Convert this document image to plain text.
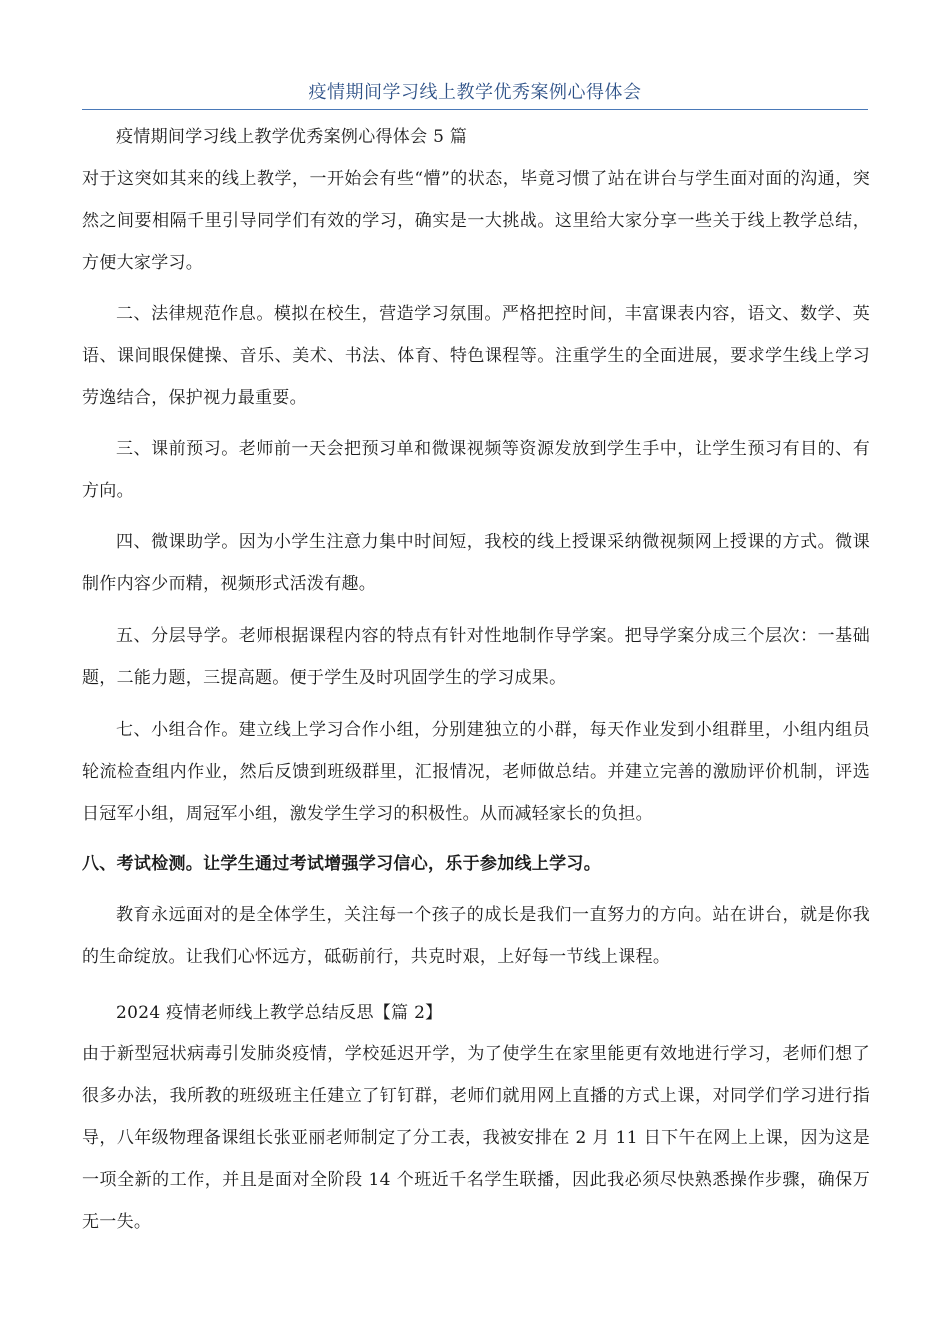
疫情期间学习线上教学优秀案例心得体会

疫情期间学习线上教学优秀案例心得体会 5 篇

对于这突如其来的线上教学，一开始会有些“懵”的状态，毕竟习惯了站在讲台与学生面对面的沟通，突然之间要相隔千里引导同学们有效的学习，确实是一大挑战。这里给大家分享一些关于线上教学总结，方便大家学习。

二、法律规范作息。模拟在校生，营造学习氛围。严格把控时间，丰富课表内容，语文、数学、英语、课间眼保健操、音乐、美术、书法、体育、特色课程等。注重学生的全面进展，要求学生线上学习劳逸结合，保护视力最重要。

三、课前预习。老师前一天会把预习单和微课视频等资源发放到学生手中，让学生预习有目的、有方向。

四、微课助学。因为小学生注意力集中时间短，我校的线上授课采纳微视频网上授课的方式。微课制作内容少而精，视频形式活泼有趣。

五、分层导学。老师根据课程内容的特点有针对性地制作导学案。把导学案分成三个层次：一基础题，二能力题，三提高题。便于学生及时巩固学生的学习成果。

七、小组合作。建立线上学习合作小组，分别建独立的小群，每天作业发到小组群里，小组内组员轮流检查组内作业，然后反馈到班级群里，汇报情况，老师做总结。并建立完善的激励评价机制，评选日冠军小组，周冠军小组，激发学生学习的积极性。从而减轻家长的负担。

八、考试检测。让学生通过考试增强学习信心，乐于参加线上学习。

教育永远面对的是全体学生，关注每一个孩子的成长是我们一直努力的方向。站在讲台，就是你我的生命绽放。让我们心怀远方，砥砺前行，共克时艰，上好每一节线上课程。

2024 疫情老师线上教学总结反思【篇 2】

由于新型冠状病毒引发肺炎疫情，学校延迟开学，为了使学生在家里能更有效地进行学习，老师们想了很多办法，我所教的班级班主任建立了钉钉群，老师们就用网上直播的方式上课，对同学们学习进行指导，八年级物理备课组长张亚丽老师制定了分工表，我被安排在 2 月 11 日下午在网上上课，因为这是一项全新的工作，并且是面对全阶段 14 个班近千名学生联播，因此我必须尽快熟悉操作步骤，确保万无一失。
